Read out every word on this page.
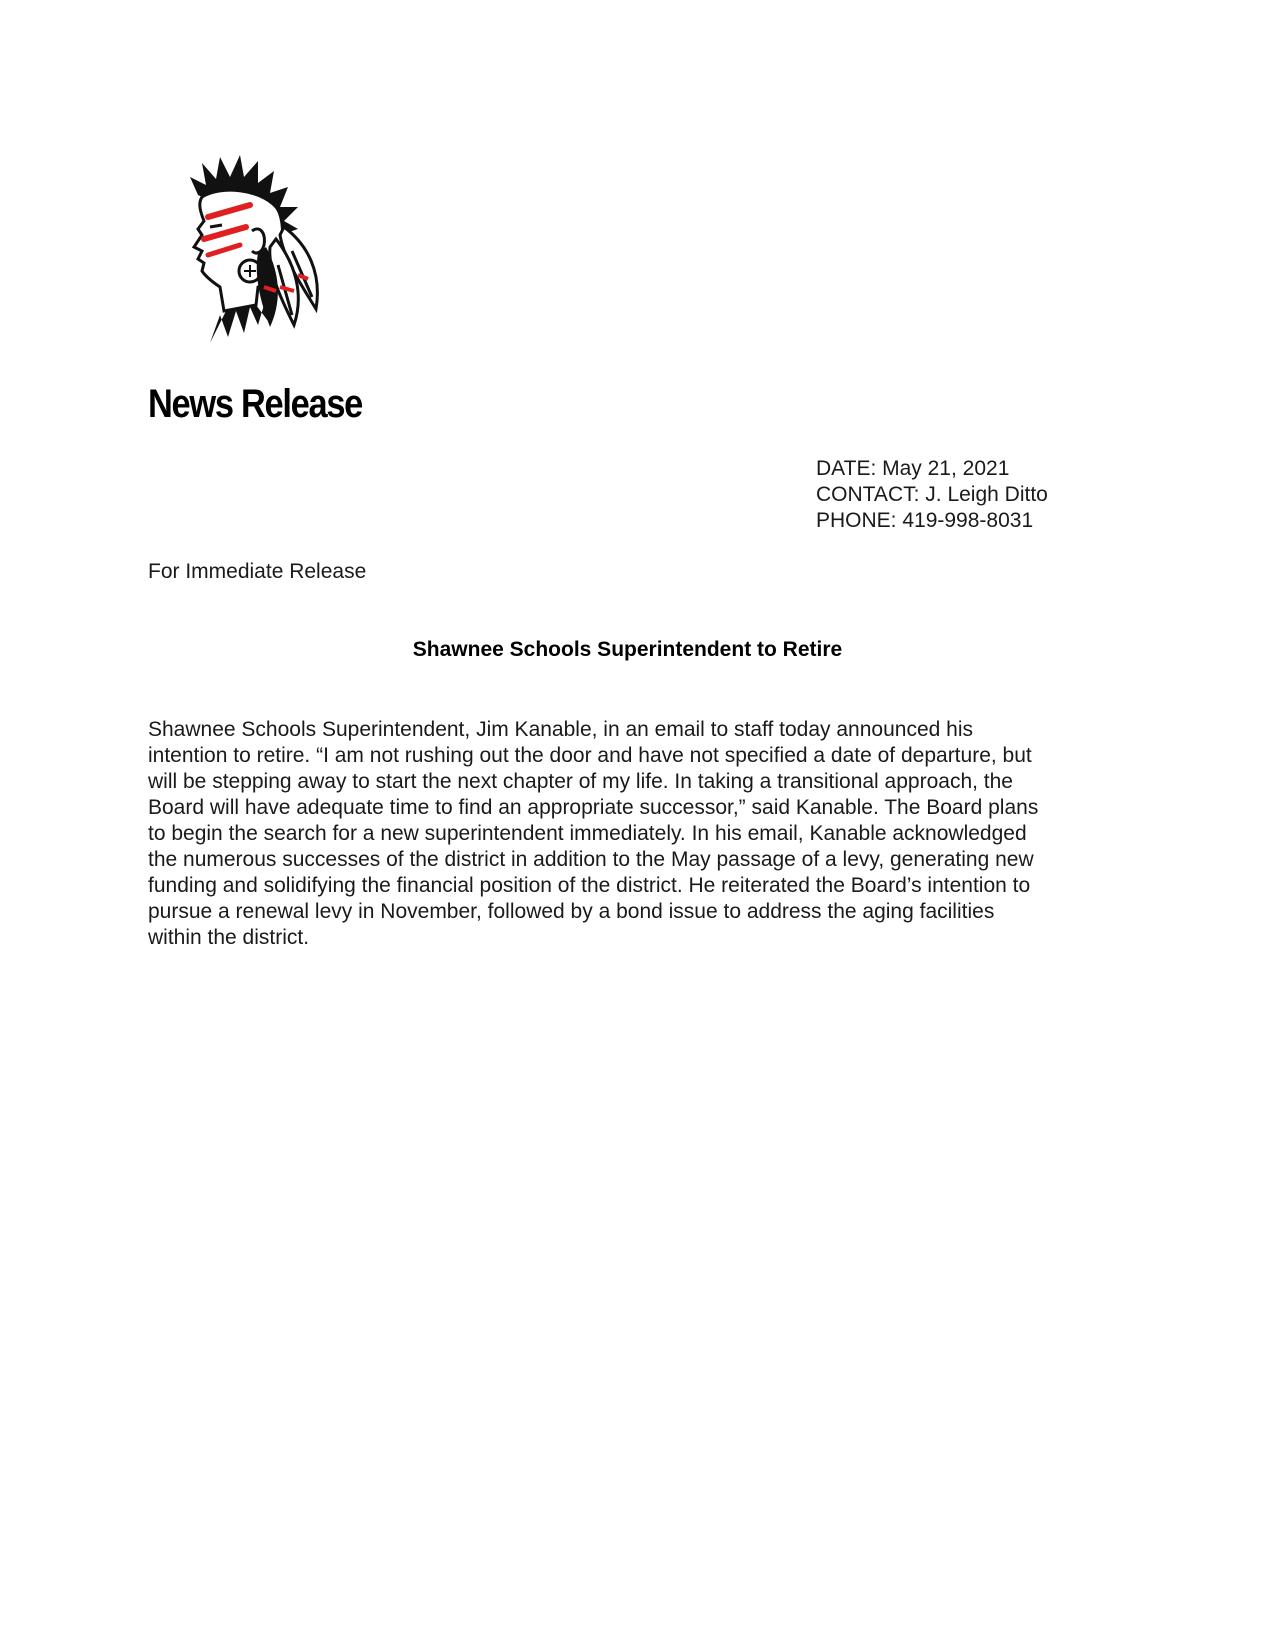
News Release
DATE: May 21, 2021
CONTACT: J. Leigh Ditto
PHONE: 419-998-8031
For Immediate Release
Shawnee Schools Superintendent to Retire
Shawnee Schools Superintendent, Jim Kanable, in an email to staff today announced his
intention to retire. “I am not rushing out the door and have not specified a date of departure, but
will be stepping away to start the next chapter of my life. In taking a transitional approach, the
Board will have adequate time to find an appropriate successor,” said Kanable. The Board plans
to begin the search for a new superintendent immediately. In his email, Kanable acknowledged
the numerous successes of the district in addition to the May passage of a levy, generating new
funding and solidifying the financial position of the district. He reiterated the Board’s intention to
pursue a renewal levy in November, followed by a bond issue to address the aging facilities
within the district.
